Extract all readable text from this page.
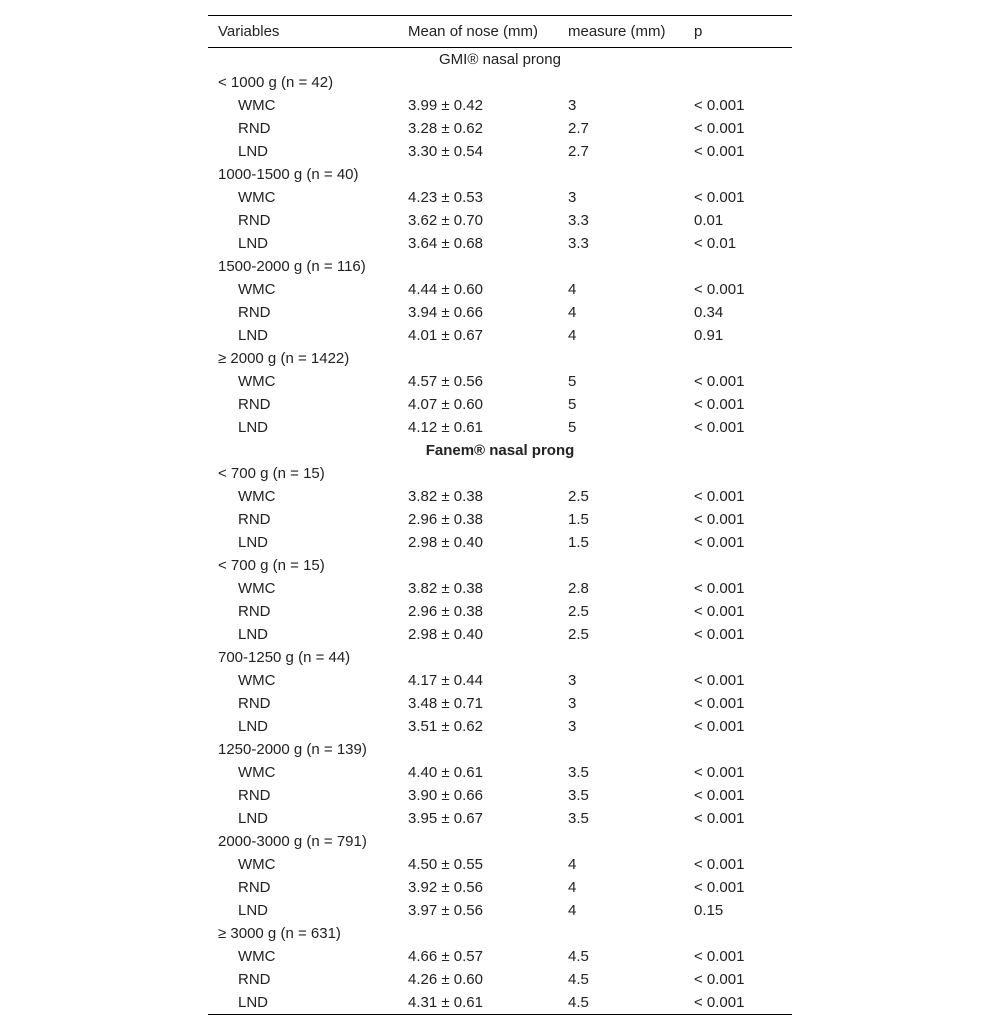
Variables	Mean of nose (mm)	measure (mm)	p
GMI® nasal prong			
< 1000 g (n = 42)			
WMC	3.99 ± 0.42	3	< 0.001
RND	3.28 ± 0.62	2.7	< 0.001
LND	3.30 ± 0.54	2.7	< 0.001
1000-1500 g (n = 40)			
WMC	4.23 ± 0.53	3	< 0.001
RND	3.62 ± 0.70	3.3	0.01
LND	3.64 ± 0.68	3.3	< 0.01
1500-2000 g (n = 116)			
WMC	4.44 ± 0.60	4	< 0.001
RND	3.94 ± 0.66	4	0.34
LND	4.01 ± 0.67	4	0.91
≥ 2000 g (n = 1422)			
WMC	4.57 ± 0.56	5	< 0.001
RND	4.07 ± 0.60	5	< 0.001
LND	4.12 ± 0.61	5	< 0.001
Fanem® nasal prong			
< 700 g (n = 15)			
WMC	3.82 ± 0.38	2.5	< 0.001
RND	2.96 ± 0.38	1.5	< 0.001
LND	2.98 ± 0.40	1.5	< 0.001
< 700 g (n = 15)			
WMC	3.82 ± 0.38	2.8	< 0.001
RND	2.96 ± 0.38	2.5	< 0.001
LND	2.98 ± 0.40	2.5	< 0.001
700-1250 g (n = 44)			
WMC	4.17 ± 0.44	3	< 0.001
RND	3.48 ± 0.71	3	< 0.001
LND	3.51 ± 0.62	3	< 0.001
1250-2000 g (n = 139)			
WMC	4.40 ± 0.61	3.5	< 0.001
RND	3.90 ± 0.66	3.5	< 0.001
LND	3.95 ± 0.67	3.5	< 0.001
2000-3000 g (n = 791)			
WMC	4.50 ± 0.55	4	< 0.001
RND	3.92 ± 0.56	4	< 0.001
LND	3.97 ± 0.56	4	0.15
≥ 3000 g (n = 631)			
WMC	4.66 ± 0.57	4.5	< 0.001
RND	4.26 ± 0.60	4.5	< 0.001
LND	4.31 ± 0.61	4.5	< 0.001
